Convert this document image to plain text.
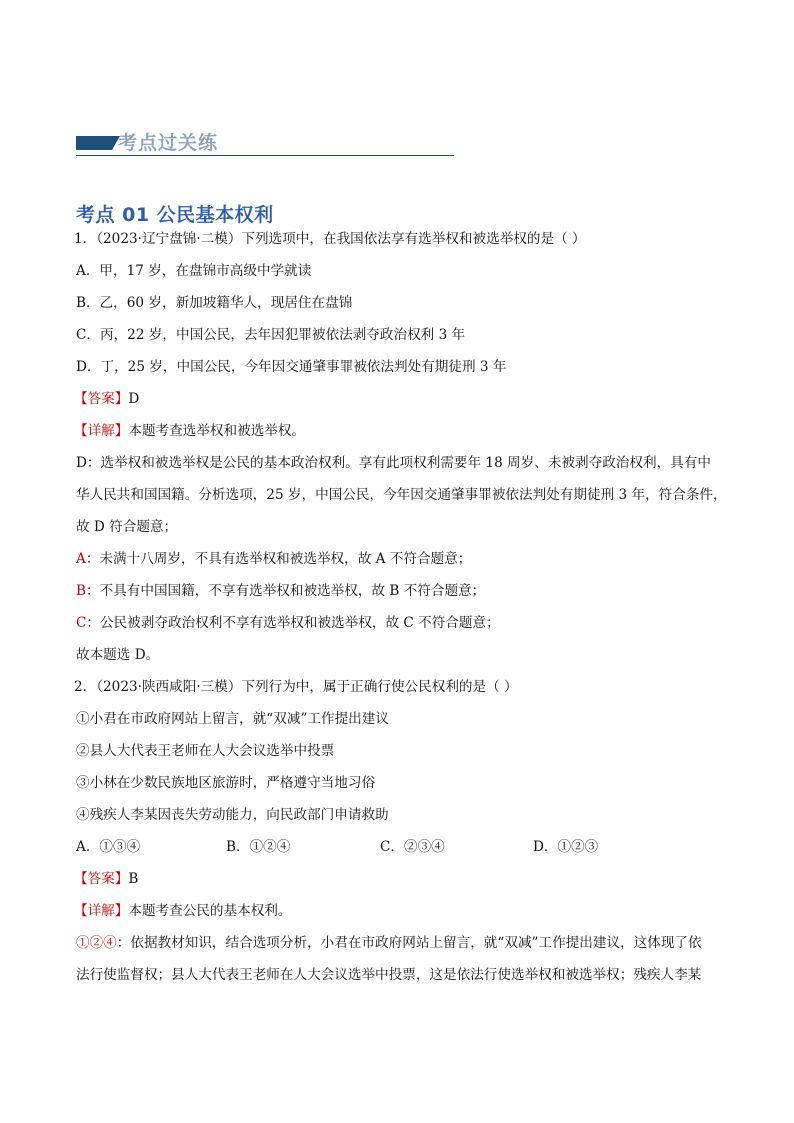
考点过关练
考点 01 公民基本权利
1．（2023·辽宁盘锦·二模）下列选项中，在我国依法享有选举权和被选举权的是（ ）
A．甲，17 岁，在盘锦市高级中学就读
B．乙，60 岁，新加坡籍华人，现居住在盘锦
C．丙，22 岁，中国公民，去年因犯罪被依法剥夺政治权利 3 年
D．丁，25 岁，中国公民，今年因交通肇事罪被依法判处有期徒刑 3 年
【答案】D
【详解】本题考查选举权和被选举权。
D：选举权和被选举权是公民的基本政治权利。享有此项权利需要年 18 周岁、未被剥夺政治权利，具有中
华人民共和国国籍。分析选项，25 岁，中国公民，今年因交通肇事罪被依法判处有期徒刑 3 年，符合条件，
故 D 符合题意；
A：未满十八周岁，不具有选举权和被选举权，故 A 不符合题意；
B：不具有中国国籍，不享有选举权和被选举权，故 B 不符合题意；
C：公民被剥夺政治权利不享有选举权和被选举权，故 C 不符合题意；
故本题选 D。
2．（2023·陕西咸阳·三模）下列行为中，属于正确行使公民权利的是（ ）
①小君在市政府网站上留言，就“双减”工作提出建议
②县人大代表王老师在人大会议选举中投票
③小林在少数民族地区旅游时，严格遵守当地习俗
④残疾人李某因丧失劳动能力，向民政部门申请救助
A．①③④	B．①②④	C．②③④	D．①②③
【答案】B
【详解】本题考查公民的基本权利。
①②④：依据教材知识，结合选项分析，小君在市政府网站上留言，就“双减”工作提出建议，这体现了依
法行使监督权；县人大代表王老师在人大会议选举中投票，这是依法行使选举权和被选举权；残疾人李某
